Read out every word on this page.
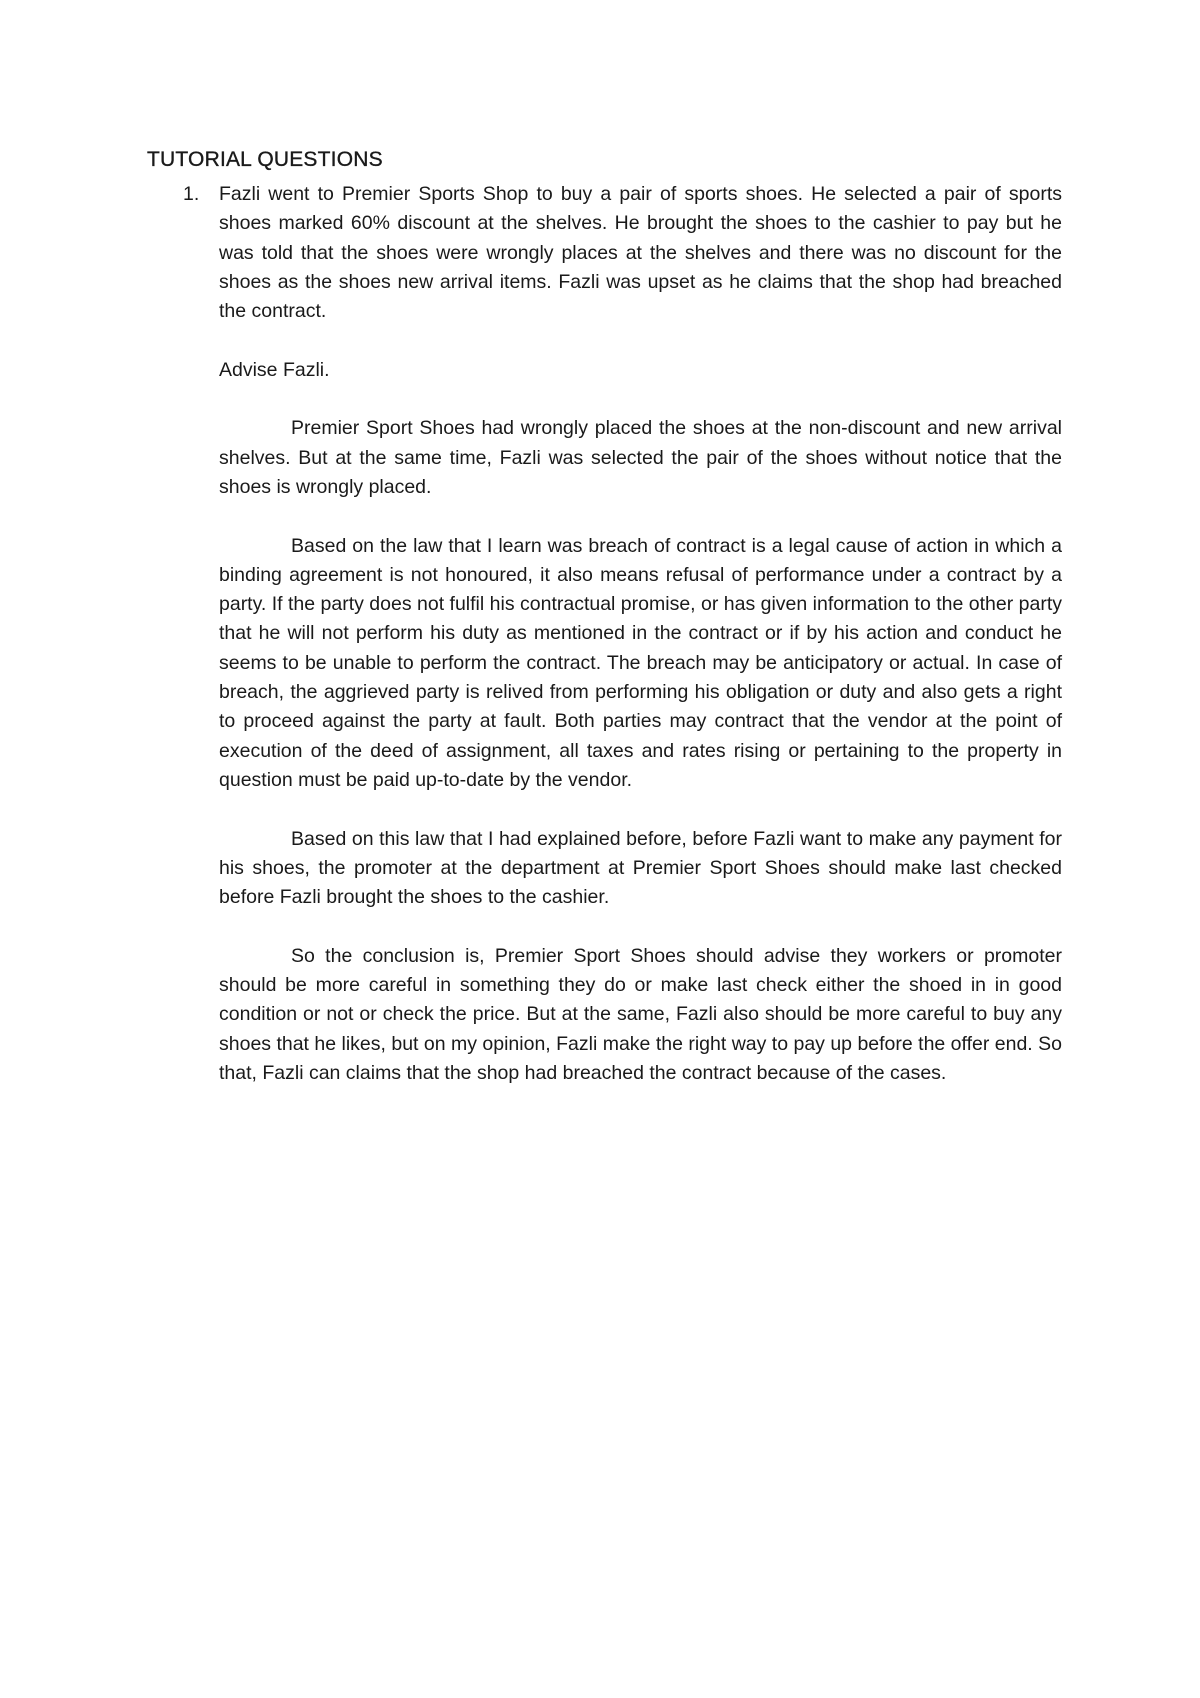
TUTORIAL QUESTIONS
1.	Fazli went to Premier Sports Shop to buy a pair of sports shoes. He selected a pair of sports shoes marked 60% discount at the shelves. He brought the shoes to the cashier to pay but he was told that the shoes were wrongly places at the shelves and there was no discount for the shoes as the shoes new arrival items. Fazli was upset as he claims that the shop had breached the contract.

Advise Fazli.

Premier Sport Shoes had wrongly placed the shoes at the non-discount and new arrival shelves. But at the same time, Fazli was selected the pair of the shoes without notice that the shoes is wrongly placed.

Based on the law that I learn was breach of contract is a legal cause of action in which a binding agreement is not honoured, it also means refusal of performance under a contract by a party. If the party does not fulfil his contractual promise, or has given information to the other party that he will not perform his duty as mentioned in the contract or if by his action and conduct he seems to be unable to perform the contract. The breach may be anticipatory or actual. In case of breach, the aggrieved party is relived from performing his obligation or duty and also gets a right to proceed against the party at fault. Both parties may contract that the vendor at the point of execution of the deed of assignment, all taxes and rates rising or pertaining to the property in question must be paid up-to-date by the vendor.

Based on this law that I had explained before, before Fazli want to make any payment for his shoes, the promoter at the department at Premier Sport Shoes should make last checked before Fazli brought the shoes to the cashier.

So the conclusion is, Premier Sport Shoes should advise they workers or promoter should be more careful in something they do or make last check either the shoed in in good condition or not or check the price. But at the same, Fazli also should be more careful to buy any shoes that he likes, but on my opinion, Fazli make the right way to pay up before the offer end. So that, Fazli can claims that the shop had breached the contract because of the cases.
